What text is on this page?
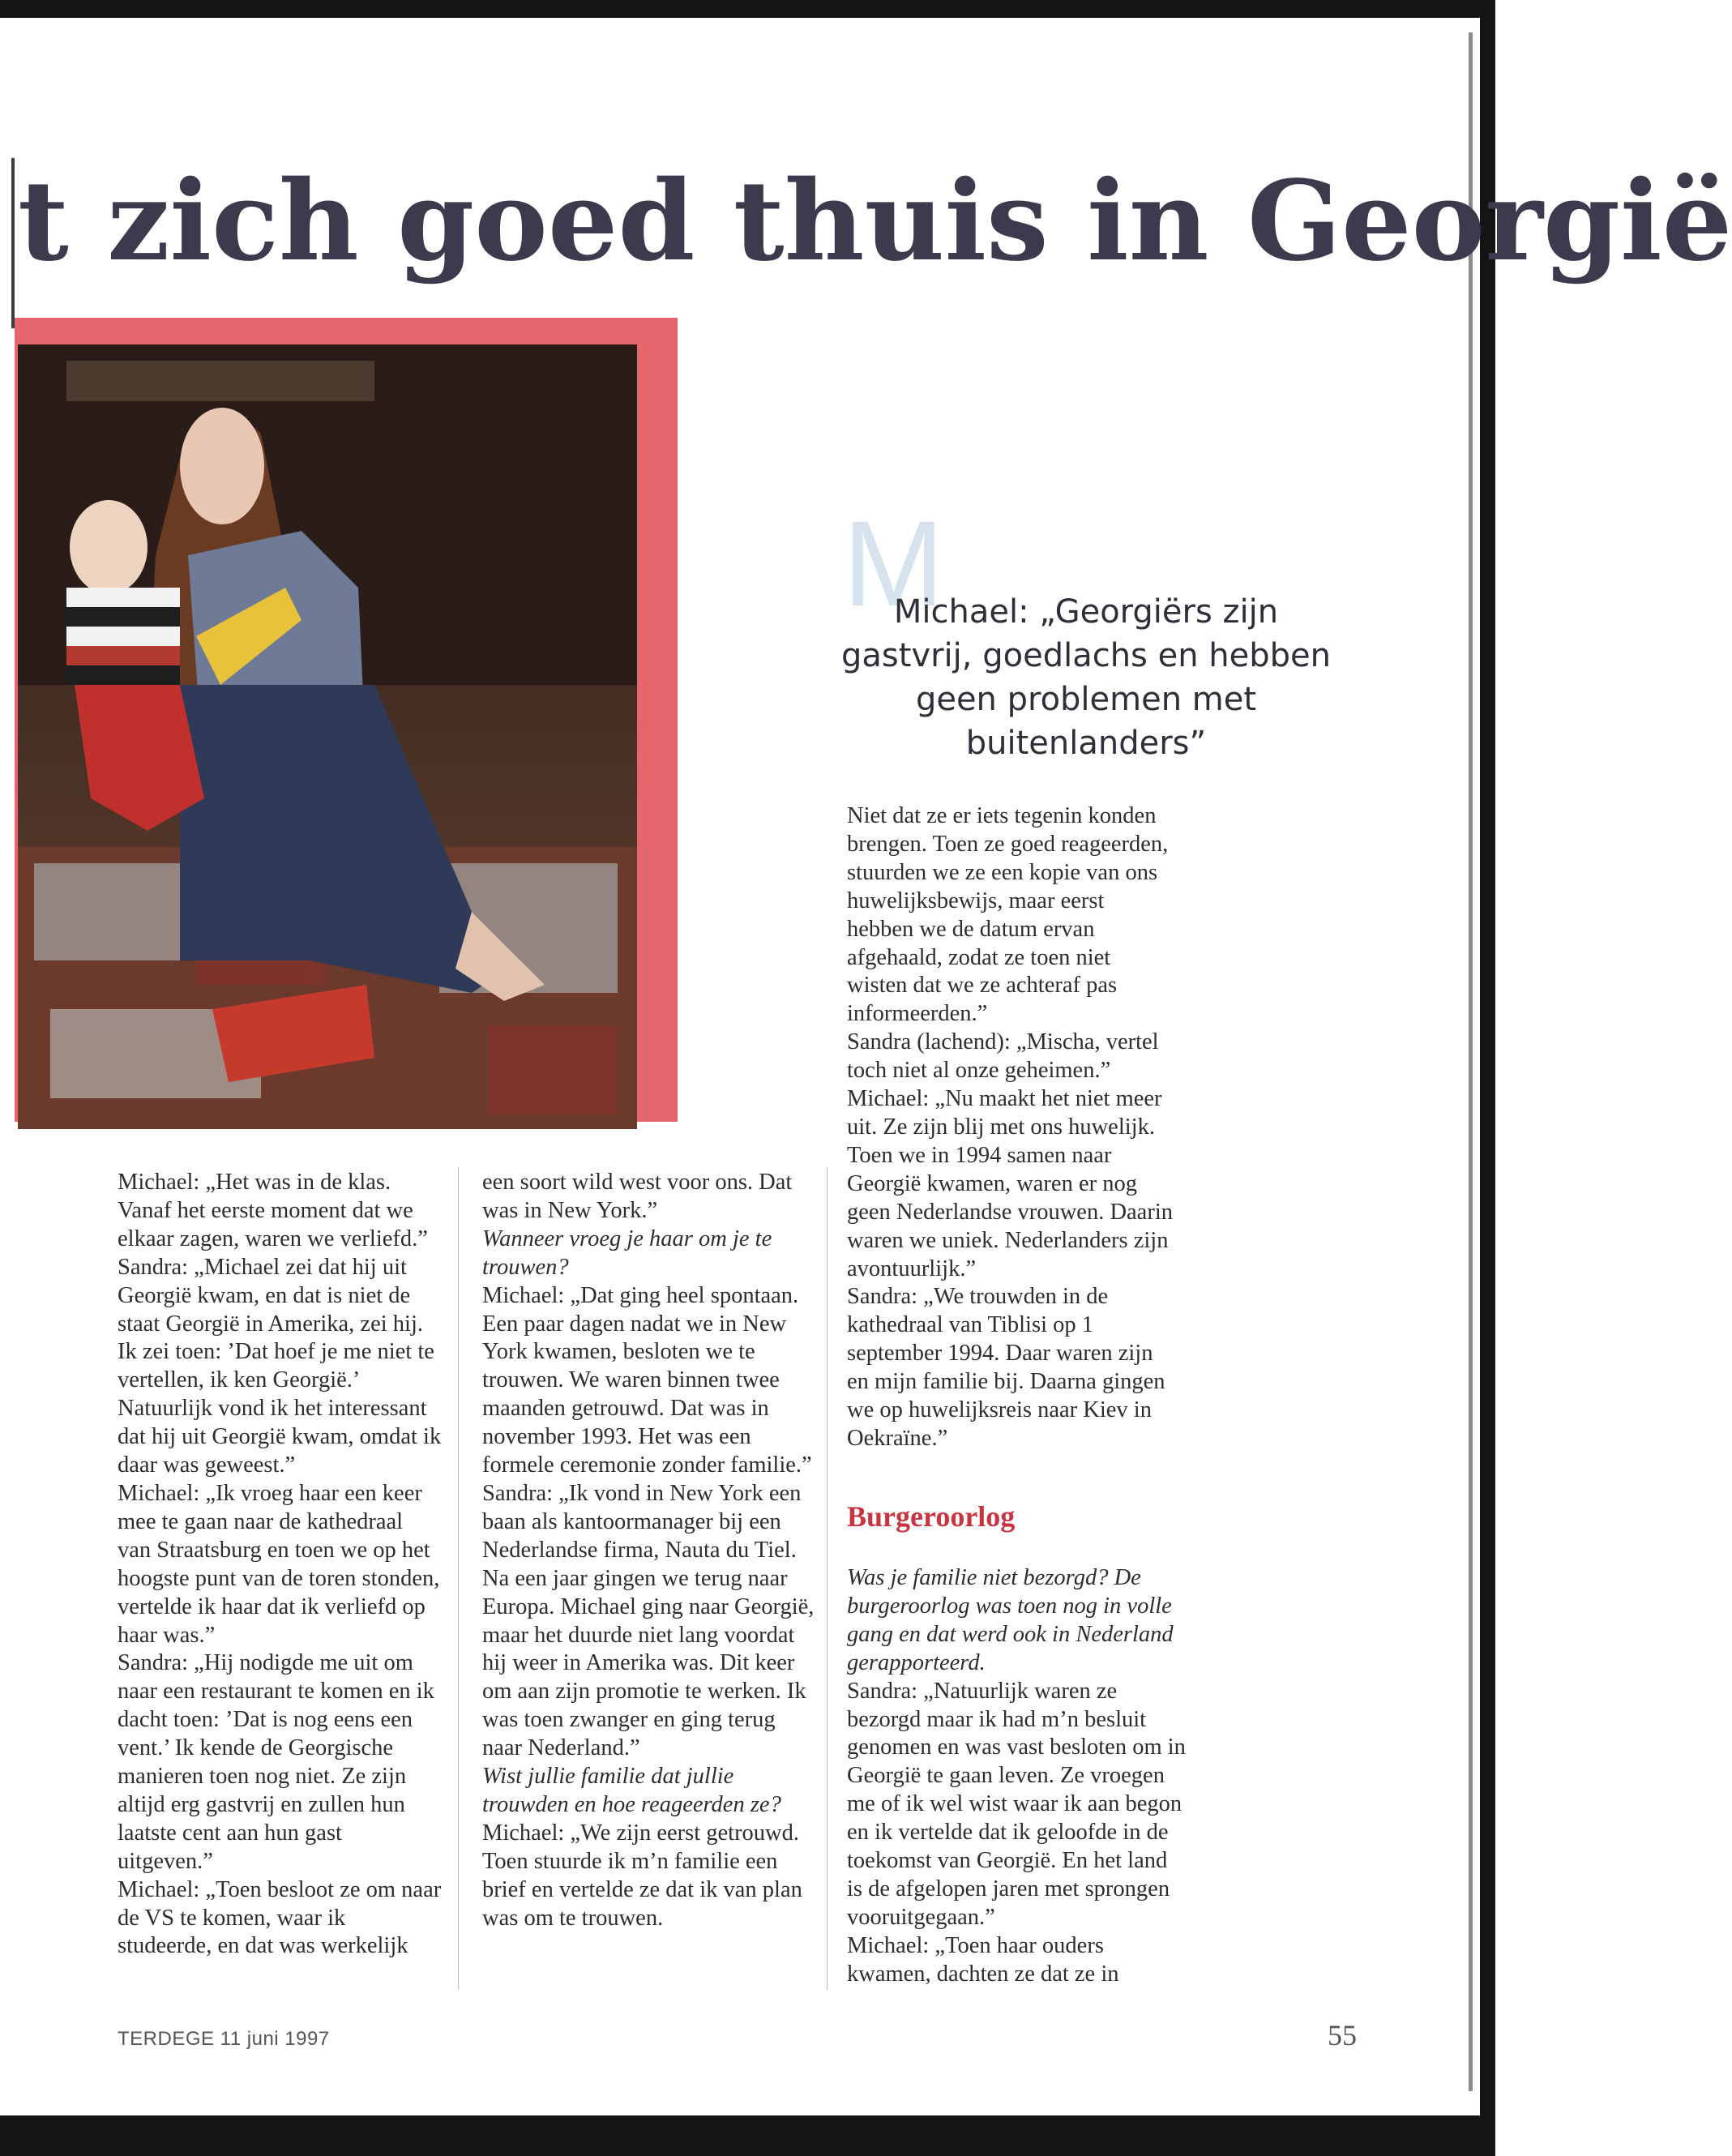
t zich goed thuis in Georgië
M

Michael: „Georgiërs zijn gastvrij, goedlachs en hebben geen problemen met buitenlanders”

Michael: „Het was in de klas. Vanaf het eerste moment dat we elkaar zagen, waren we verliefd.”

Sandra: „Michael zei dat hij uit Georgië kwam, en dat is niet de staat Georgië in Amerika, zei hij. Ik zei toen: ’Dat hoef je me niet te vertellen, ik ken Georgië.’ Natuurlijk vond ik het interessant dat hij uit Georgië kwam, omdat ik daar was geweest.”

Michael: „Ik vroeg haar een keer mee te gaan naar de kathedraal van Straatsburg en toen we op het hoogste punt van de toren stonden, vertelde ik haar dat ik verliefd op haar was.”

Sandra: „Hij nodigde me uit om naar een restaurant te komen en ik dacht toen: ’Dat is nog eens een vent.’ Ik kende de Georgische manieren toen nog niet. Ze zijn altijd erg gastvrij en zullen hun laatste cent aan hun gast uitgeven.”

Michael: „Toen besloot ze om naar de VS te komen, waar ik studeerde, en dat was werkelijk

een soort wild west voor ons. Dat was in New York.”

Wanneer vroeg je haar om je te trouwen?

Michael: „Dat ging heel spontaan. Een paar dagen nadat we in New York kwamen, besloten we te trouwen. We waren binnen twee maanden getrouwd. Dat was in november 1993. Het was een formele ceremonie zonder familie.”

Sandra: „Ik vond in New York een baan als kantoormanager bij een Nederlandse firma, Nauta du Tiel. Na een jaar gingen we terug naar Europa. Michael ging naar Georgië, maar het duurde niet lang voordat hij weer in Amerika was. Dit keer om aan zijn promotie te werken. Ik was toen zwanger en ging terug naar Nederland.”

Wist jullie familie dat jullie trouwden en hoe reageerden ze?

Michael: „We zijn eerst getrouwd. Toen stuurde ik m’n familie een brief en vertelde ze dat ik van plan was om te trouwen.

Niet dat ze er iets tegenin konden brengen. Toen ze goed reageerden, stuurden we ze een kopie van ons huwelijksbewijs, maar eerst hebben we de datum ervan afgehaald, zodat ze toen niet wisten dat we ze achteraf pas informeerden.”

Sandra (lachend): „Mischa, vertel toch niet al onze geheimen.”

Michael: „Nu maakt het niet meer uit. Ze zijn blij met ons huwelijk. Toen we in 1994 samen naar Georgië kwamen, waren er nog geen Nederlandse vrouwen. Daarin waren we uniek. Nederlanders zijn avontuurlijk.”

Sandra: „We trouwden in de kathedraal van Tiblisi op 1 september 1994. Daar waren zijn en mijn familie bij. Daarna gingen we op huwelijksreis naar Kiev in Oekraïne.”

Burgeroorlog

Was je familie niet bezorgd? De burgeroorlog was toen nog in volle gang en dat werd ook in Nederland gerapporteerd.

Sandra: „Natuurlijk waren ze bezorgd maar ik had m’n besluit genomen en was vast besloten om in Georgië te gaan leven. Ze vroegen me of ik wel wist waar ik aan begon en ik vertelde dat ik geloofde in de toekomst van Georgië. En het land is de afgelopen jaren met sprongen vooruitgegaan.”

Michael: „Toen haar ouders kwamen, dachten ze dat ze in

TERDEGE 11 juni 1997	55
